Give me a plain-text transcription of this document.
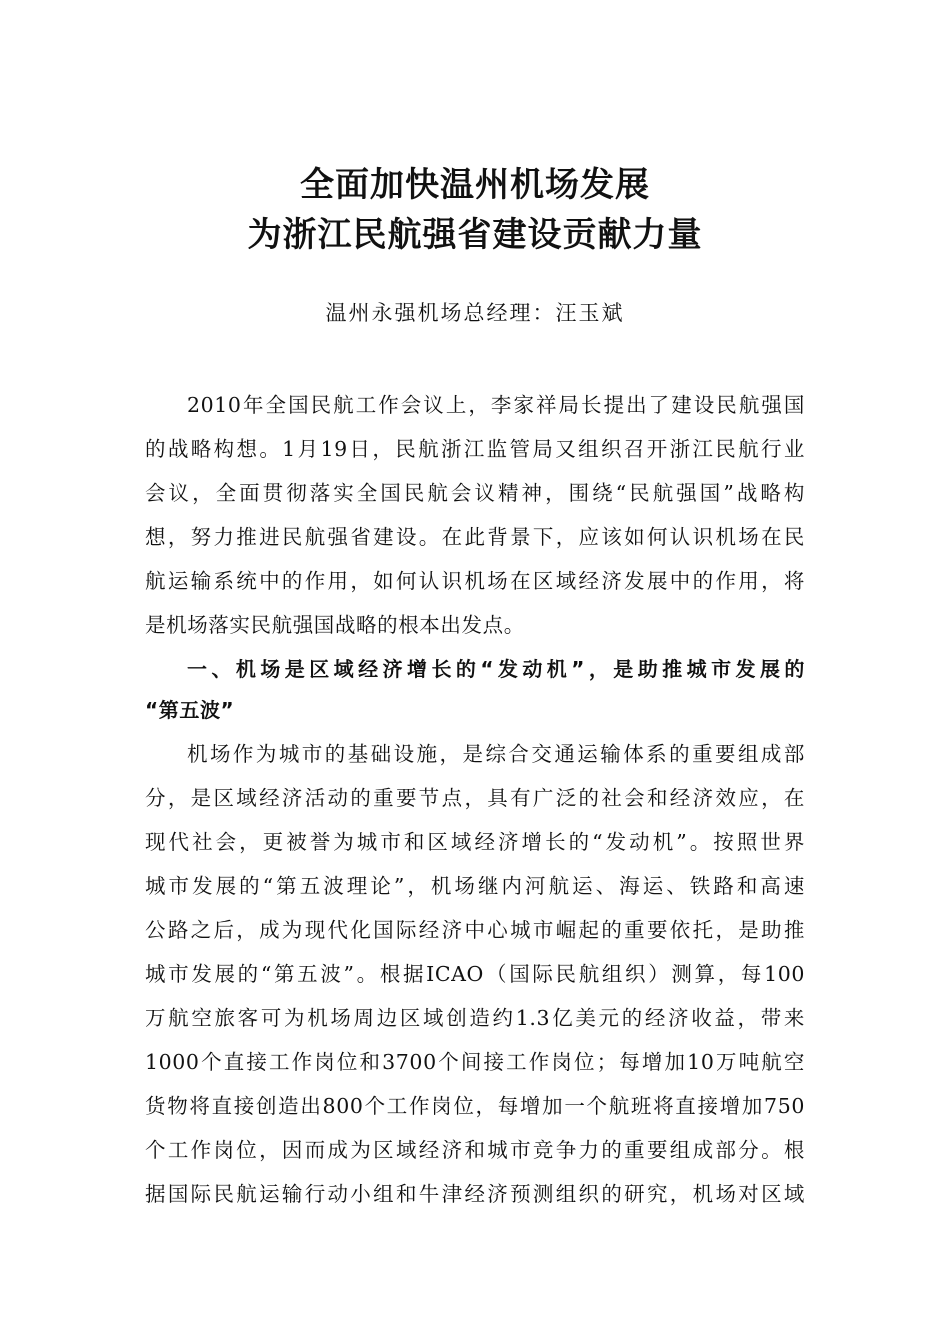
全面加快温州机场发展
为浙江民航强省建设贡献力量
温州永强机场总经理：汪玉斌
2010年全国民航工作会议上，李家祥局长提出了建设民航强国
的战略构想。1月19日，民航浙江监管局又组织召开浙江民航行业
会议，全面贯彻落实全国民航会议精神，围绕“民航强国”战略构
想，努力推进民航强省建设。在此背景下，应该如何认识机场在民
航运输系统中的作用，如何认识机场在区域经济发展中的作用，将
是机场落实民航强国战略的根本出发点。
一、机场是区域经济增长的“发动机”，是助推城市发展的
“第五波”
机场作为城市的基础设施，是综合交通运输体系的重要组成部
分，是区域经济活动的重要节点，具有广泛的社会和经济效应，在
现代社会，更被誉为城市和区域经济增长的“发动机”。按照世界
城市发展的“第五波理论”，机场继内河航运、海运、铁路和高速
公路之后，成为现代化国际经济中心城市崛起的重要依托，是助推
城市发展的“第五波”。根据ICAO（国际民航组织）测算，每100
万航空旅客可为机场周边区域创造约1.3亿美元的经济收益，带来
1000个直接工作岗位和3700个间接工作岗位；每增加10万吨航空
货物将直接创造出800个工作岗位，每增加一个航班将直接增加750
个工作岗位，因而成为区域经济和城市竞争力的重要组成部分。根
据国际民航运输行动小组和牛津经济预测组织的研究，机场对区域
